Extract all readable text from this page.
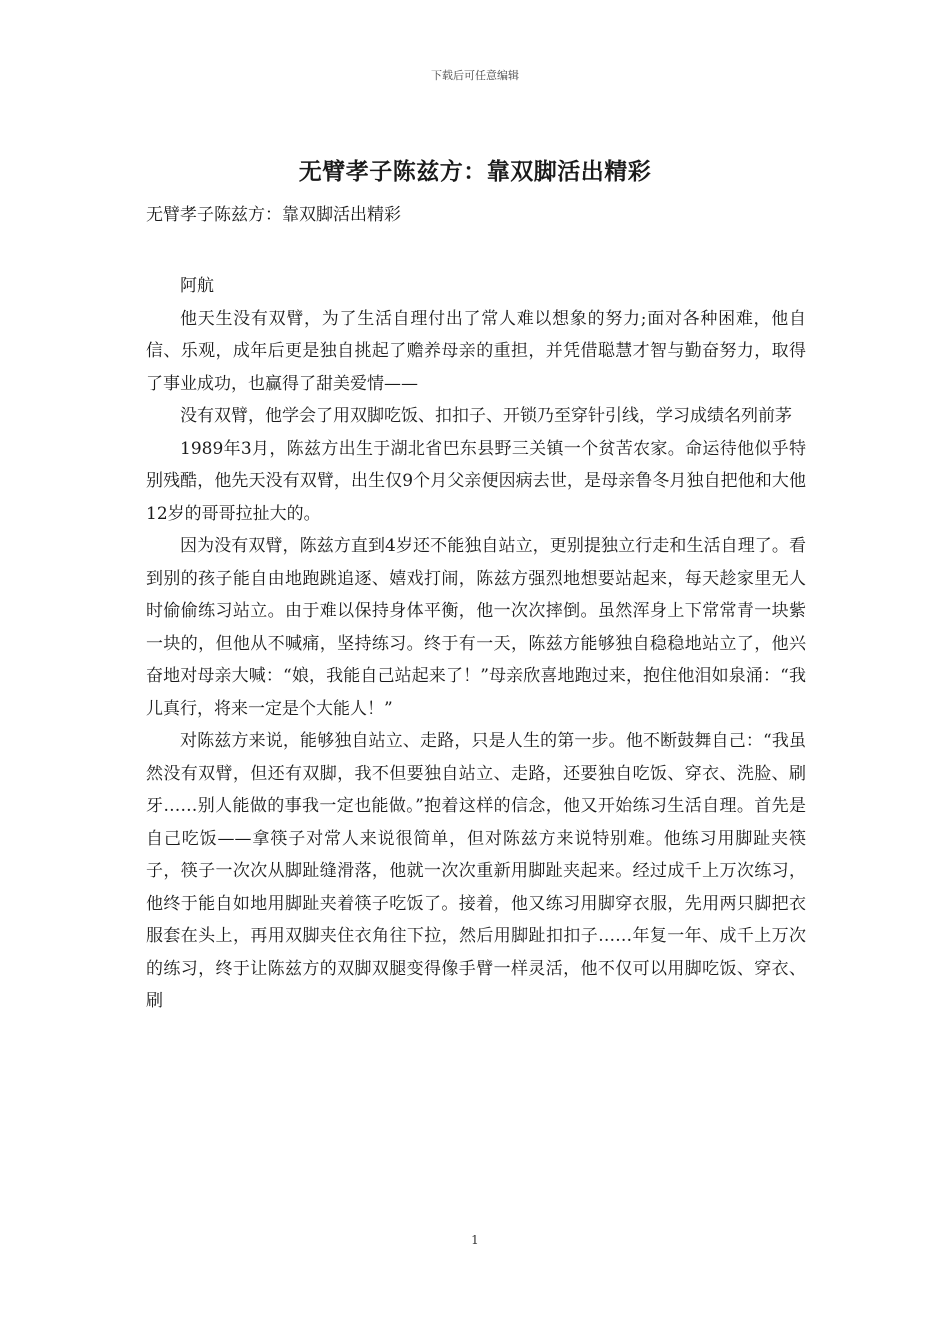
下载后可任意编辑
无臂孝子陈兹方：靠双脚活出精彩
无臂孝子陈兹方：靠双脚活出精彩

阿航

他天生没有双臂，为了生活自理付出了常人难以想象的努力;面对各种困难，他自信、乐观，成年后更是独自挑起了赡养母亲的重担，并凭借聪慧才智与勤奋努力，取得了事业成功，也赢得了甜美爱情——

没有双臂，他学会了用双脚吃饭、扣扣子、开锁乃至穿针引线，学习成绩名列前茅

1989年3月，陈兹方出生于湖北省巴东县野三关镇一个贫苦农家。命运待他似乎特别残酷，他先天没有双臂，出生仅9个月父亲便因病去世，是母亲鲁冬月独自把他和大他12岁的哥哥拉扯大的。

因为没有双臂，陈兹方直到4岁还不能独自站立，更别提独立行走和生活自理了。看到别的孩子能自由地跑跳追逐、嬉戏打闹，陈兹方强烈地想要站起来，每天趁家里无人时偷偷练习站立。由于难以保持身体平衡，他一次次摔倒。虽然浑身上下常常青一块紫一块的，但他从不喊痛，坚持练习。终于有一天，陈兹方能够独自稳稳地站立了，他兴奋地对母亲大喊：“娘，我能自己站起来了！”母亲欣喜地跑过来，抱住他泪如泉涌：“我儿真行，将来一定是个大能人！”

对陈兹方来说，能够独自站立、走路，只是人生的第一步。他不断鼓舞自己：“我虽然没有双臂，但还有双脚，我不但要独自站立、走路，还要独自吃饭、穿衣、洗脸、刷牙……别人能做的事我一定也能做。”抱着这样的信念，他又开始练习生活自理。首先是自己吃饭——拿筷子对常人来说很简单，但对陈兹方来说特别难。他练习用脚趾夹筷子，筷子一次次从脚趾缝滑落，他就一次次重新用脚趾夹起来。经过成千上万次练习，他终于能自如地用脚趾夹着筷子吃饭了。接着，他又练习用脚穿衣服，先用两只脚把衣服套在头上，再用双脚夹住衣角往下拉，然后用脚趾扣扣子……年复一年、成千上万次的练习，终于让陈兹方的双脚双腿变得像手臂一样灵活，他不仅可以用脚吃饭、穿衣、刷

1
